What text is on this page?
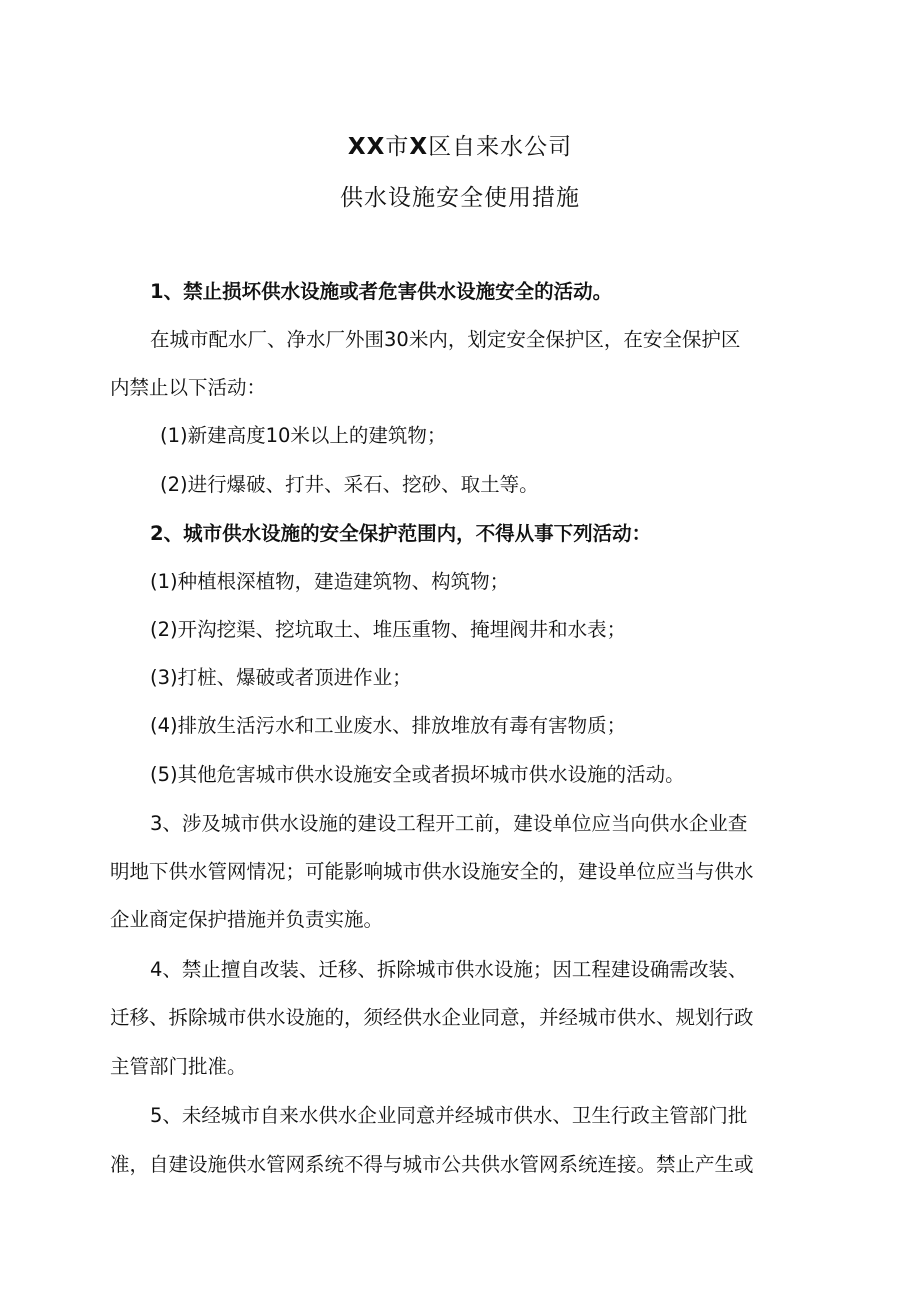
XX市X区自来水公司
供水设施安全使用措施
1、禁止损坏供水设施或者危害供水设施安全的活动。
在城市配水厂、净水厂外围30米内，划定安全保护区，在安全保护区
内禁止以下活动：
(1)新建高度10米以上的建筑物；
(2)进行爆破、打井、采石、挖砂、取土等。
2、城市供水设施的安全保护范围内，不得从事下列活动：
(1)种植根深植物，建造建筑物、构筑物；
(2)开沟挖渠、挖坑取土、堆压重物、掩埋阀井和水表；
(3)打桩、爆破或者顶进作业；
(4)排放生活污水和工业废水、排放堆放有毒有害物质；
(5)其他危害城市供水设施安全或者损坏城市供水设施的活动。
3、涉及城市供水设施的建设工程开工前，建设单位应当向供水企业查
明地下供水管网情况；可能影响城市供水设施安全的，建设单位应当与供水
企业商定保护措施并负责实施。
4、禁止擅自改装、迁移、拆除城市供水设施；因工程建设确需改装、
迁移、拆除城市供水设施的，须经供水企业同意，并经城市供水、规划行政
主管部门批准。
5、未经城市自来水供水企业同意并经城市供水、卫生行政主管部门批
准，自建设施供水管网系统不得与城市公共供水管网系统连接。禁止产生或
